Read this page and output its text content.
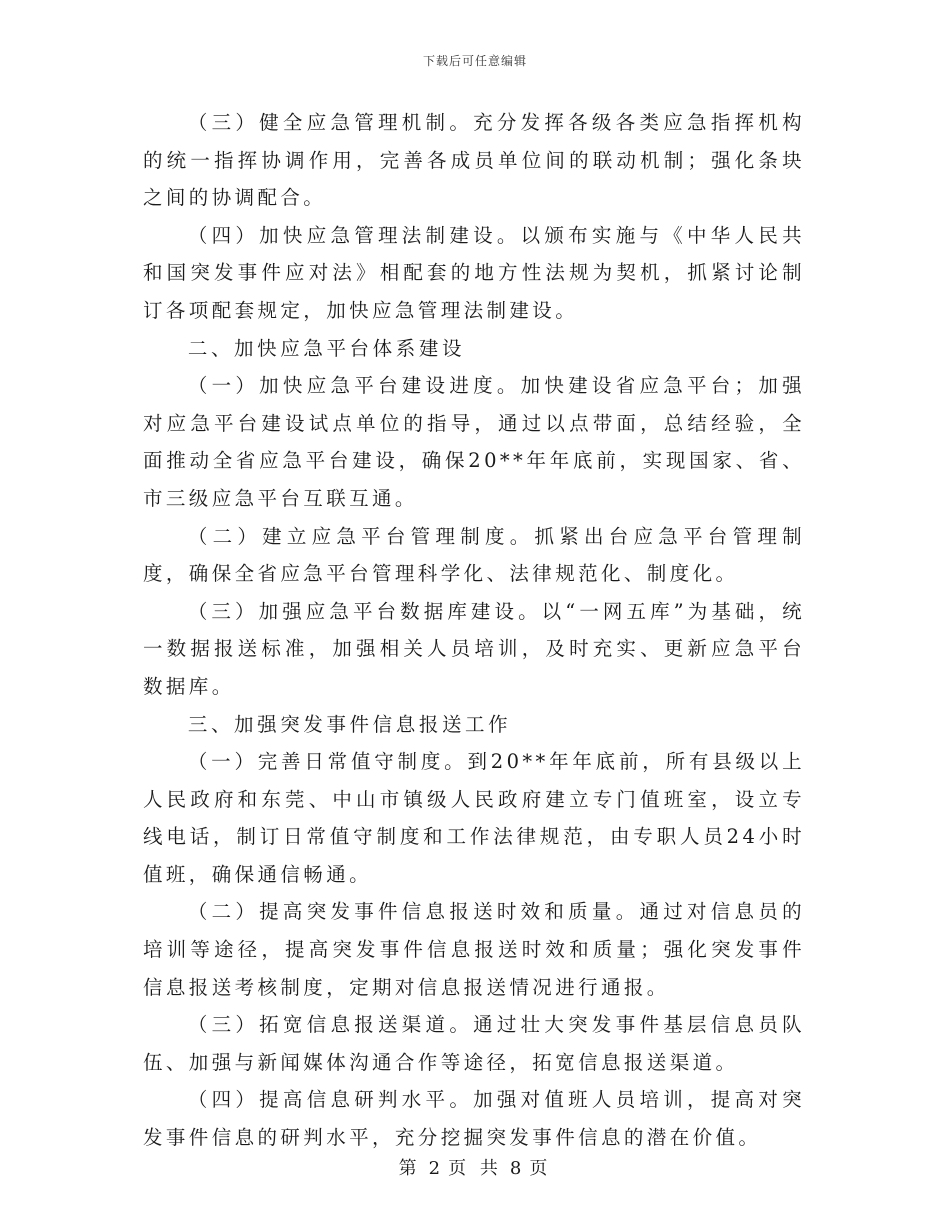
下载后可任意编辑

（三）健全应急管理机制。充分发挥各级各类应急指挥机构的统一指挥协调作用，完善各成员单位间的联动机制；强化条块之间的协调配合。

（四）加快应急管理法制建设。以颁布实施与《中华人民共和国突发事件应对法》相配套的地方性法规为契机，抓紧讨论制订各项配套规定，加快应急管理法制建设。

二、加快应急平台体系建设

（一）加快应急平台建设进度。加快建设省应急平台；加强对应急平台建设试点单位的指导，通过以点带面，总结经验，全面推动全省应急平台建设，确保20**年年底前，实现国家、省、市三级应急平台互联互通。

（二）建立应急平台管理制度。抓紧出台应急平台管理制度，确保全省应急平台管理科学化、法律规范化、制度化。

（三）加强应急平台数据库建设。以“一网五库”为基础，统一数据报送标准，加强相关人员培训，及时充实、更新应急平台数据库。

三、加强突发事件信息报送工作

（一）完善日常值守制度。到20**年年底前，所有县级以上人民政府和东莞、中山市镇级人民政府建立专门值班室，设立专线电话，制订日常值守制度和工作法律规范，由专职人员24小时值班，确保通信畅通。

（二）提高突发事件信息报送时效和质量。通过对信息员的培训等途径，提高突发事件信息报送时效和质量；强化突发事件信息报送考核制度，定期对信息报送情况进行通报。

（三）拓宽信息报送渠道。通过壮大突发事件基层信息员队伍、加强与新闻媒体沟通合作等途径，拓宽信息报送渠道。

（四）提高信息研判水平。加强对值班人员培训，提高对突发事件信息的研判水平，充分挖掘突发事件信息的潜在价值。

第 2 页 共 8 页
